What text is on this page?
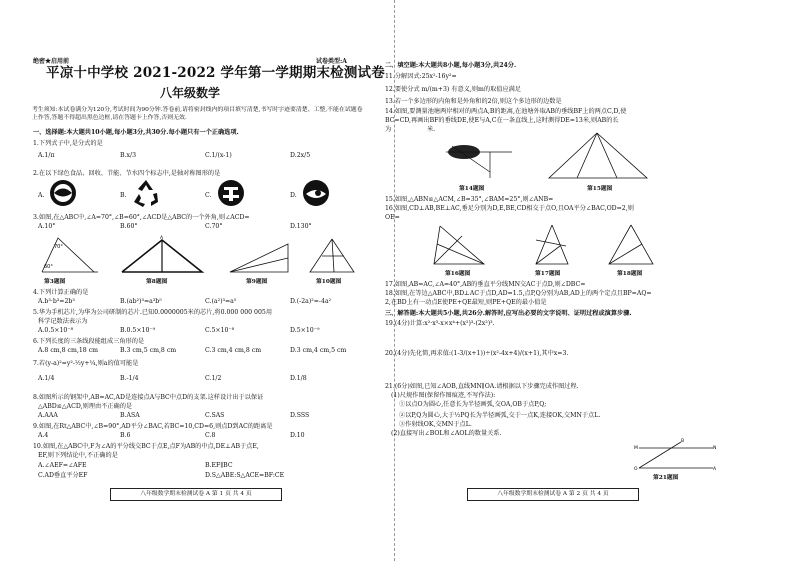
绝密★启用前	试卷类型:A
平凉十中学校 2021-2022 学年第一学期期末检测试卷
八年级数学
考生须知:本试卷满分为120分,考试时间为90分钟.答卷前,请将密封线内的项目填写清楚,书写时字迹要清楚、工整,不能在试题卷上作答,答题不得超出黑色边框,请在答题卡上作答,否则无效.
一、选择题:本大题共10小题,每小题3分,共30分.每小题只有一个正确选项.
1.下列式子中,是分式的是
A.1/π	B.x/3	C.1/(x-1)	D.2x/5
2.在以下绿色食品、回收、节能、节水四个标志中,是轴对称图形的是
A.	B.	C.	D.
3.如图,在△ABC中,∠A=70°,∠B=60°,∠ACD是△ABC的一个外角,则∠ACD=
A.10°	B.60°	C.70°	D.130°
70°
60°
A
第3题图	第8题图	第9题图	第10题图
4.下列计算正确的是
A.b³·b³=2b³	B.(ab²)³=a³b⁵	C.(a²)³=a⁵	D.(-2a)²=-4a²
5.华为手机芯片,为华为公司研制的芯片.已知0.0000005米的芯片,将0.000 000 005用
科学记数法表示为
A.0.5×10⁻⁸	B.0.5×10⁻⁹	C.5×10⁻⁸	D.5×10⁻⁹
6.下列长度的三条线段能组成三角形的是
A.8 cm,8 cm,18 cm	B.3 cm,5 cm,8 cm	C.3 cm,4 cm,8 cm	D.3 cm,4 cm,5 cm
7.若(y-a)²=y²-½y+¼,则a的值可能是
A.1/4	B.-1/4	C.1/2	D.1/8
8.如图所示的钢架中,AB=AC,AD是连接点A与BC中点D的支架.这样设计出于以保证
△ABD≌△ACD,则理由不正确的是
A.AAA	B.ASA	C.SAS	D.SSS
9.如图,在Rt△ABC中,∠B=90°,AD平分∠BAC,若BC=10,CD=6,则点D到AC的距离是
A.4	B.6	C.8	D.10
10.如图,在△ABC中,F为∠A的平分线交BC于点E,点F为AB的中点,DE⊥AB于点E,
EF,则下列结论中,不正确的是
A.∠AEF=∠AFE	B.EF∥BC
C.AD垂直平分EF	D.S△ABE:S△ACE=BF:CE
八年级数学期末检测试卷 A 第 1 页 共 4 页
二、填空题:本大题共8小题,每小题3分,共24分.
11.分解因式:25x²-16y²=
12.要使分式 m/(m+3) 有意义,则m的取值应满足
13.若一个多边形的内角和是外角和的2倍,则这个多边形的边数是
14.如图,要测量池塘两岸相对的两点A,B的距离,在池塘外取AB的垂线BF上的两点C,D,使
BC=CD,再画出BF的垂线DE,使E与A,C在一条直线上,这时测得DE=13米,则AB的长
为	米.
第14题图	第15题图
15.如图,△ABN≌△ACM,∠B=35°,∠BAM=25°,则∠ANB=
16.如图,CD⊥AB,BE⊥AC,垂足分别为D,E,BE,CD相交于点O,且OA平分∠BAC,OD=2,则
OE=
第16题图	第17题图	第18题图
17.如图,AB=AC,∠A=40°,AB的垂直平分线MN交AC于点D,则∠DBC=
18.如图,在等边△ABC中,BD⊥AC于点D,AD=1.5,点P,Q分别为AB,AD上的两个定点且BP=AQ=
2,在BD上有一动点E使PE+QE最短,则PE+QE的最小值是
三、解答题:本大题共5小题,共26分.解答时,应写出必要的文字说明、证明过程或演算步骤.
19.(4分)计算:x²·x³-x×x⁴+(x²)³-(2x²)³.
20.(4分)先化简,再求值:(1-3/(x+1))÷(x²-4x+4)/(x+1),其中x=3.
21.(6分)如图,已知∠AOB,直线MN∥OA.请根据以下步骤完成作图过程.
(1)尺规作图(保留作图痕迹,不写作法):
①以点O为圆心,任意长为半径画弧,交OA,OB于点P,Q;
②以P,Q为圆心,大于½PQ长为半径画弧,交于一点K,连接OK,交MN于点L.
③作射线OK,交MN于点L.
(2)直接写出∠BOL和∠AOL的数量关系.
O
M	N
A
B
第21题图
八年级数学期末检测试卷 A 第 2 页 共 4 页
